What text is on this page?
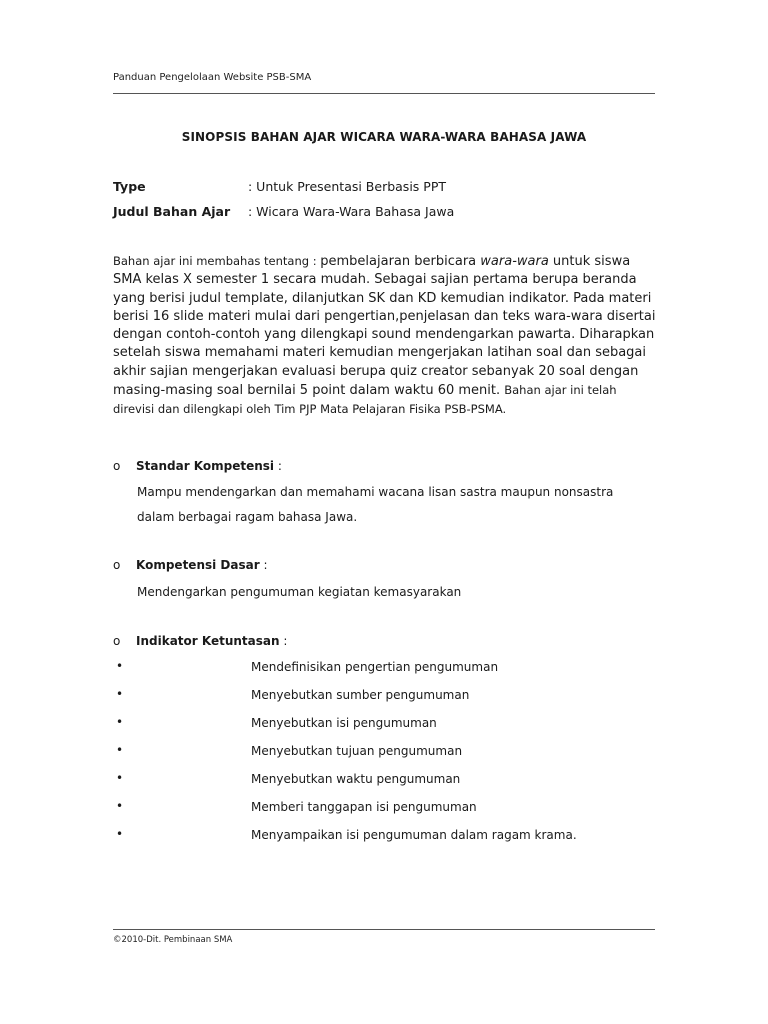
Panduan Pengelolaan Website PSB-SMA
SINOPSIS BAHAN AJAR WICARA WARA-WARA BAHASA JAWA
Type	: Untuk Presentasi Berbasis PPT
Judul Bahan Ajar : Wicara Wara-Wara Bahasa Jawa
Bahan ajar ini membahas tentang : pembelajaran berbicara wara-wara untuk siswa SMA kelas X semester 1 secara mudah. Sebagai sajian pertama berupa beranda yang berisi judul template, dilanjutkan SK dan KD kemudian indikator. Pada materi berisi 16 slide materi mulai dari pengertian,penjelasan dan teks wara-wara disertai dengan contoh-contoh yang dilengkapi sound mendengarkan pawarta. Diharapkan setelah siswa memahami materi kemudian mengerjakan latihan soal dan sebagai akhir sajian mengerjakan evaluasi berupa quiz creator sebanyak 20 soal dengan masing-masing soal bernilai 5 point dalam waktu 60 menit. Bahan ajar ini telah direvisi dan dilengkapi oleh Tim PJP Mata Pelajaran Fisika PSB-PSMA.
o Standar Kompetensi :
Mampu mendengarkan dan memahami wacana lisan sastra maupun nonsastra
dalam berbagai ragam bahasa Jawa.
o Kompetensi Dasar :
Mendengarkan pengumuman kegiatan kemasyarakan
o Indikator Ketuntasan :
•	Mendefinisikan pengertian pengumuman
•	Menyebutkan sumber pengumuman
•	Menyebutkan isi pengumuman
•	Menyebutkan tujuan pengumuman
•	Menyebutkan waktu pengumuman
•	Memberi tanggapan isi pengumuman
•	Menyampaikan isi pengumuman dalam ragam krama.
©2010-Dit. Pembinaan SMA
